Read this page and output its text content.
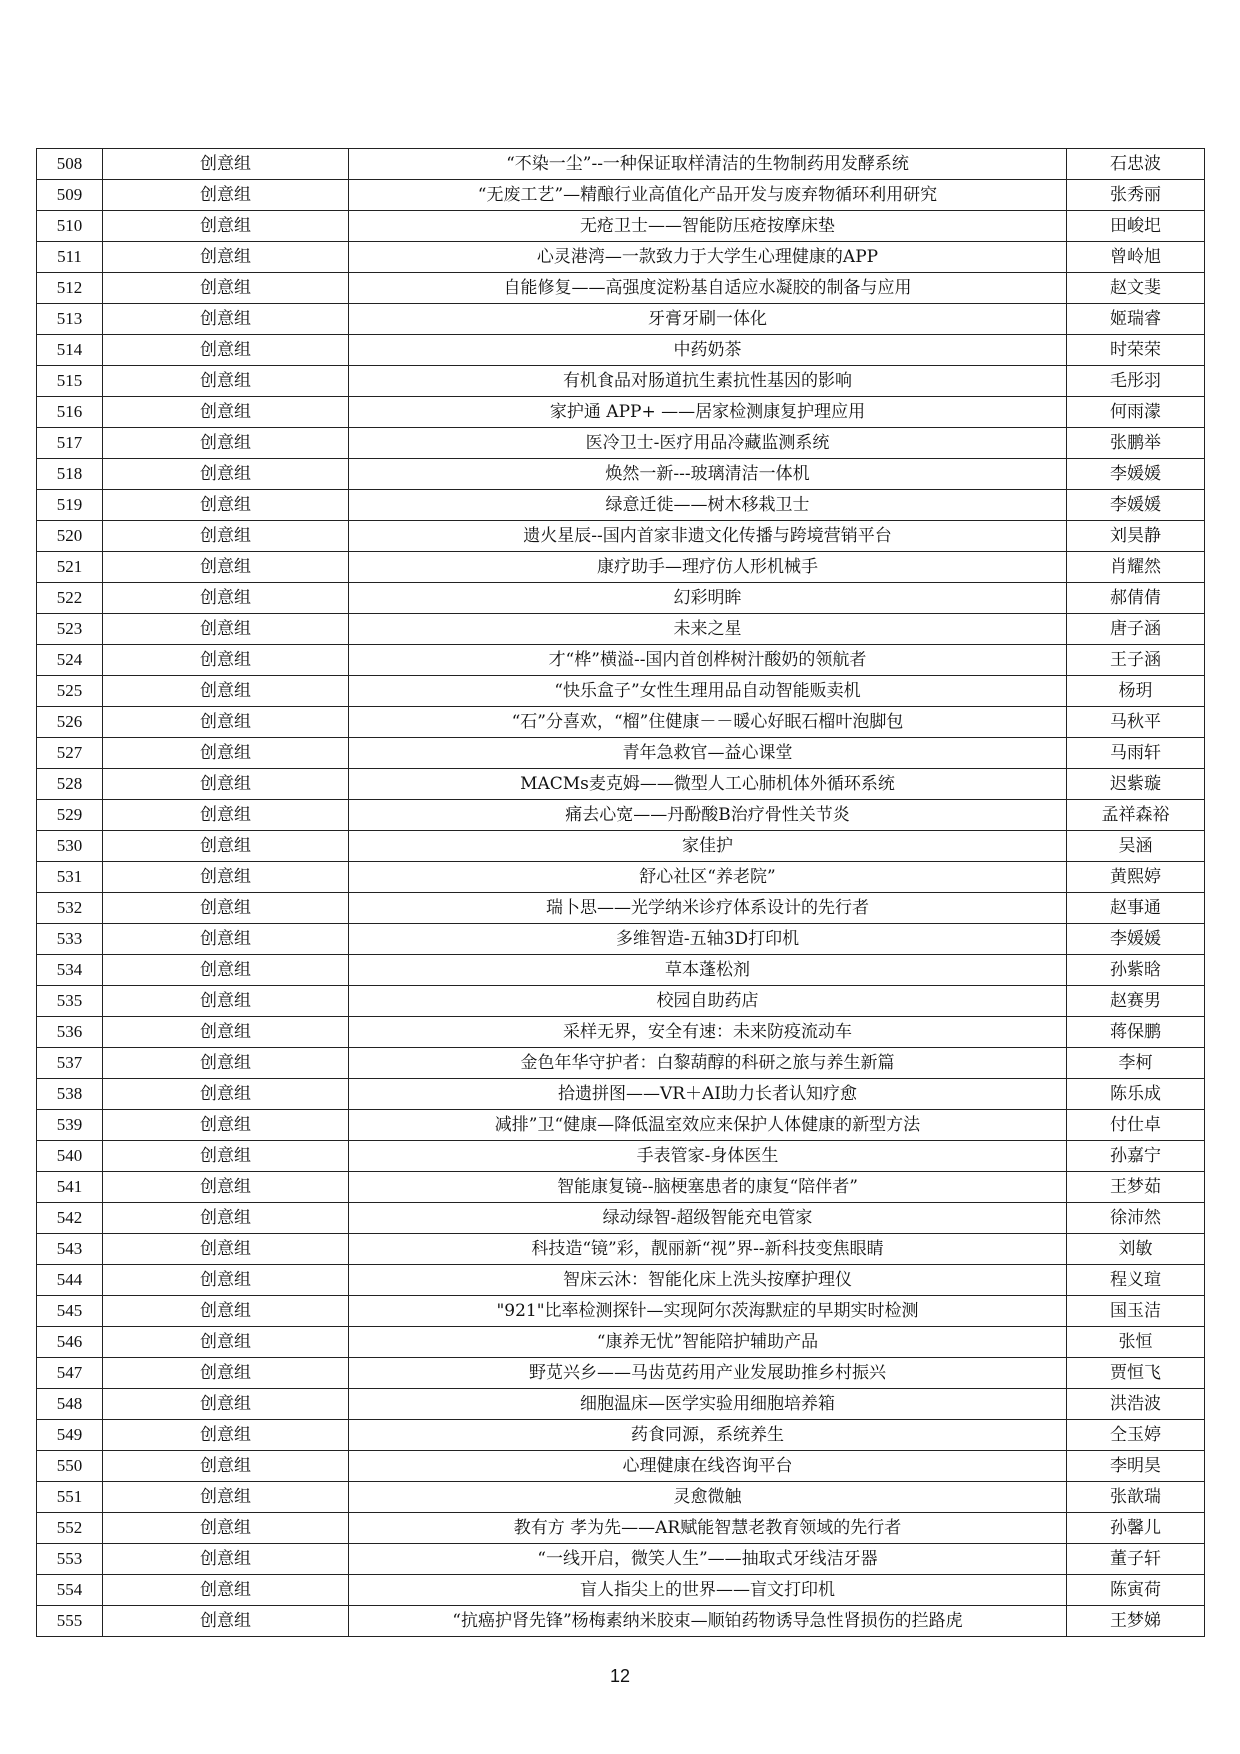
508	创意组	“不染一尘”--一种保证取样清洁的生物制药用发酵系统	石忠波
509	创意组	“无废工艺”—精酿行业高值化产品开发与废弃物循环利用研究	张秀丽
510	创意组	无疮卫士——智能防压疮按摩床垫	田峻圯
511	创意组	心灵港湾—一款致力于大学生心理健康的APP	曾岭旭
512	创意组	自能修复——高强度淀粉基自适应水凝胶的制备与应用	赵文斐
513	创意组	牙膏牙刷一体化	姬瑞睿
514	创意组	中药奶茶	时荣荣
515	创意组	有机食品对肠道抗生素抗性基因的影响	毛彤羽
516	创意组	家护通 APP+ ——居家检测康复护理应用	何雨濛
517	创意组	医冷卫士-医疗用品冷藏监测系统	张鹏举
518	创意组	焕然一新---玻璃清洁一体机	李媛媛
519	创意组	绿意迁徙——树木移栽卫士	李媛媛
520	创意组	遗火星辰--国内首家非遗文化传播与跨境营销平台	刘昊静
521	创意组	康疗助手—理疗仿人形机械手	肖耀然
522	创意组	幻彩明眸	郝倩倩
523	创意组	未来之星	唐子涵
524	创意组	才“桦”横溢--国内首创桦树汁酸奶的领航者	王子涵
525	创意组	“快乐盒子”女性生理用品自动智能贩卖机	杨玥
526	创意组	“石”分喜欢，“榴”住健康－－暖心好眠石榴叶泡脚包	马秋平
527	创意组	青年急救官—益心课堂	马雨轩
528	创意组	MACMs麦克姆——微型人工心肺机体外循环系统	迟紫璇
529	创意组	痛去心宽——丹酚酸B治疗骨性关节炎	孟祥森裕
530	创意组	家佳护	吴涵
531	创意组	舒心社区“养老院”	黄熙婷
532	创意组	瑞卜思——光学纳米诊疗体系设计的先行者	赵事通
533	创意组	多维智造-五轴3D打印机	李媛媛
534	创意组	草本蓬松剂	孙紫晗
535	创意组	校园自助药店	赵赛男
536	创意组	采样无界，安全有速：未来防疫流动车	蒋保鹏
537	创意组	金色年华守护者：白黎葫醇的科研之旅与养生新篇	李柯
538	创意组	拾遗拼图——VR＋AI助力长者认知疗愈	陈乐成
539	创意组	减排”卫“健康—降低温室效应来保护人体健康的新型方法	付仕卓
540	创意组	手表管家-身体医生	孙嘉宁
541	创意组	智能康复镜--脑梗塞患者的康复“陪伴者”	王梦茹
542	创意组	绿动绿智-超级智能充电管家	徐沛然
543	创意组	科技造“镜”彩，靓丽新“视”界--新科技变焦眼睛	刘敏
544	创意组	智床云沐：智能化床上洗头按摩护理仪	程义瑄
545	创意组	"921"比率检测探针—实现阿尔茨海默症的早期实时检测	国玉洁
546	创意组	“康养无忧”智能陪护辅助产品	张恒
547	创意组	野苋兴乡——马齿苋药用产业发展助推乡村振兴	贾恒飞
548	创意组	细胞温床—医学实验用细胞培养箱	洪浩波
549	创意组	药食同源，系统养生	仝玉婷
550	创意组	心理健康在线咨询平台	李明昊
551	创意组	灵愈微触	张歆瑞
552	创意组	教有方 孝为先——AR赋能智慧老教育领域的先行者	孙馨儿
553	创意组	“一线开启，微笑人生”——抽取式牙线洁牙器	董子轩
554	创意组	盲人指尖上的世界——盲文打印机	陈寅荷
555	创意组	“抗癌护肾先锋”杨梅素纳米胶束—顺铂药物诱导急性肾损伤的拦路虎	王梦娣
12
